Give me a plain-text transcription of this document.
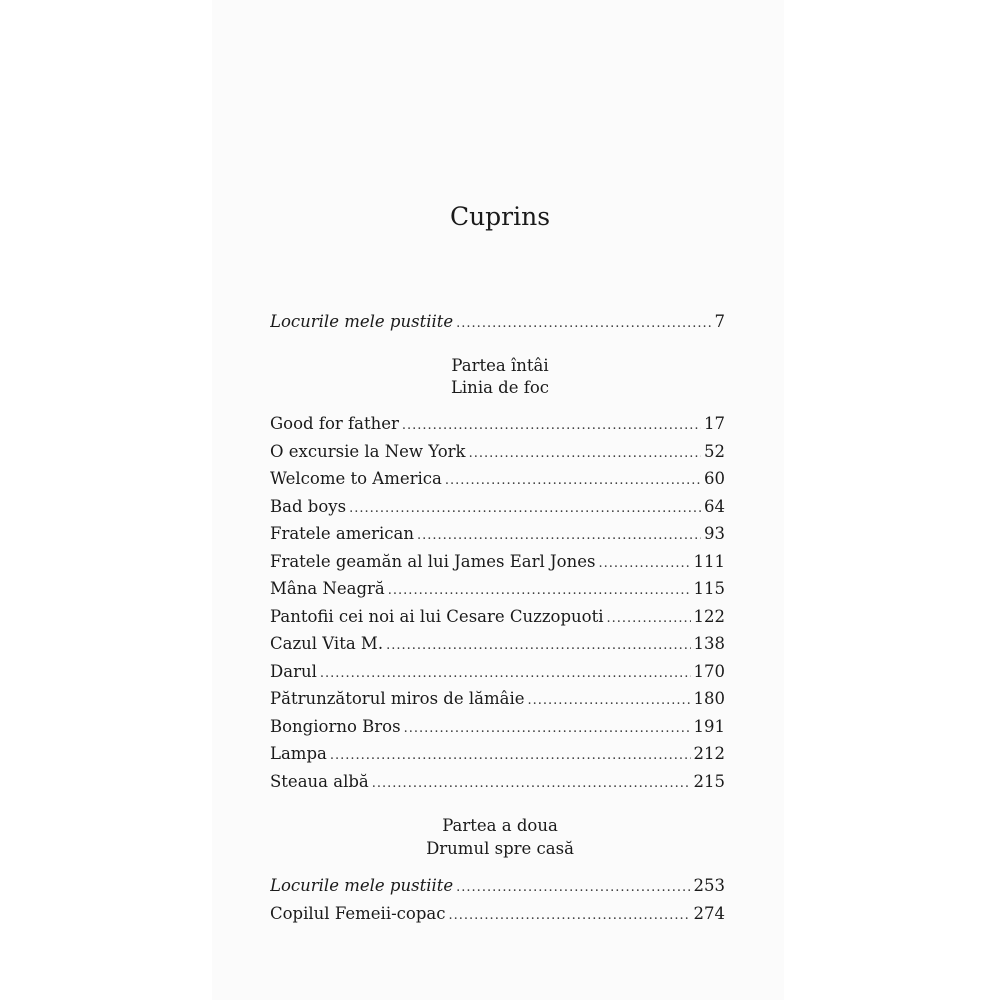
Cuprins
Locurile mele pustiite .....	7
Partea întâi
Linia de foc
Good for father .....	17
O excursie la New York .....	52
Welcome to America .....	60
Bad boys .....	64
Fratele american .....	93
Fratele geamăn al lui James Earl Jones .....	111
Mâna Neagră .....	115
Pantofii cei noi ai lui Cesare Cuzzopuoti .....	122
Cazul Vita M. .....	138
Darul .....	170
Pătrunzătorul miros de lămâie .....	180
Bongiorno Bros .....	191
Lampa .....	212
Steaua albă .....	215
Partea a doua
Drumul spre casă
Locurile mele pustiite .....	253
Copilul Femeii-copac .....	274
